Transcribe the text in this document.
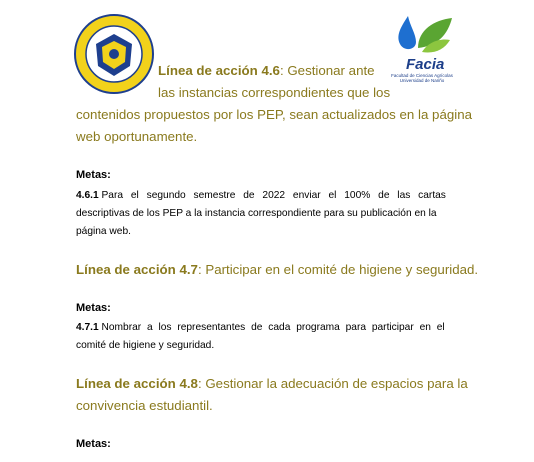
Facia
Facultad de Ciencias Agrícolas Universidad de Nariño
Línea de acción 4.6: Gestionar ante
las instancias correspondientes que los
contenidos propuestos por los PEP, sean actualizados en la página
web oportunamente.
Metas:
4.6.1 Para el segundo semestre de 2022 enviar el 100% de las cartas
descriptivas de los PEP a la instancia correspondiente para su publicación en la
página web.
Línea de acción 4.7: Participar en el comité de higiene y seguridad.
Metas:
4.7.1 Nombrar a los representantes de cada programa para participar en el
comité de higiene y seguridad.
Línea de acción 4.8: Gestionar la adecuación de espacios para la
convivencia estudiantil.
Metas:
